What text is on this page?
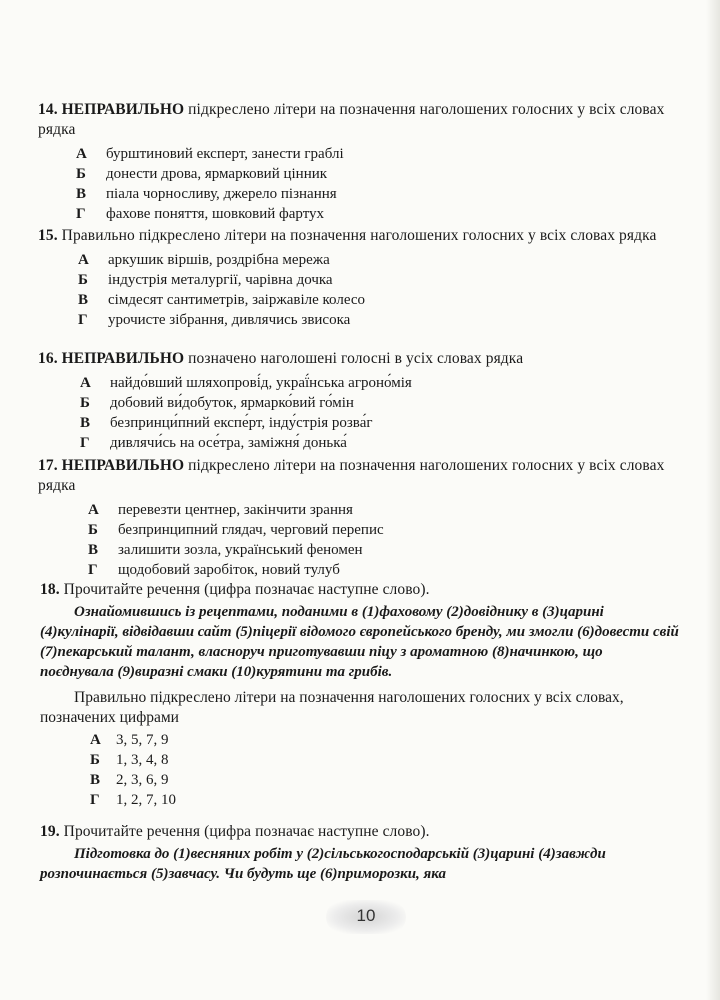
14. НЕПРАВИЛЬНО підкреслено літери на позначення наголошених голосних у всіх словах рядка
А	бурштиновий експерт, занести граблі
Б	донести дрова, ярмарковий цінник
В	піала чорносливу, джерело пізнання
Г	фахове поняття, шовковий фартух
15. Правильно підкреслено літери на позначення наголошених голосних у всіх словах рядка
А	аркушик віршів, роздрібна мережа
Б	індустрія металургії, чарівна дочка
В	сімдесят сантиметрів, заіржавіле колесо
Г	урочисте зібрання, дивлячись звисока
16. НЕПРАВИЛЬНО позначено наголошені голосні в усіх словах рядка
А	найдо́вший шляхопрові́д, украї́нська агроно́мія
Б	добовий ви́добуток, ярмарко́вий го́мін
В	безпринци́пний експе́рт, інду́стрія розва́г
Г	дивлячи́сь на осе́тра, заміжня́ донька́
17. НЕПРАВИЛЬНО підкреслено літери на позначення наголошених голосних у всіх словах рядка
А	перевезти центнер, закінчити зрання
Б	безпринципний глядач, черговий перепис
В	залишити зозла, український феномен
Г	щодобовий заробіток, новий тулуб
18. Прочитайте речення (цифра позначає наступне слово).
Ознайомившись із рецептами, поданими в (1)фаховому (2)довіднику в (3)царині (4)кулінарії, відвідавши сайт (5)піцерії відомого європейського бренду, ми змогли (6)довести свій (7)пекарський талант, власноруч приготувавши піцу з ароматною (8)начинкою, що поєднувала (9)виразні смаки (10)курятини та грибів.
Правильно підкреслено літери на позначення наголошених голосних у всіх словах, позначених цифрами
А	3, 5, 7, 9
Б	1, 3, 4, 8
В	2, 3, 6, 9
Г	1, 2, 7, 10
19. Прочитайте речення (цифра позначає наступне слово).
Підготовка до (1)весняних робіт у (2)сільськогосподарській (3)царині (4)завжди розпочинається (5)завчасу. Чи будуть ще (6)приморозки, яка
10
